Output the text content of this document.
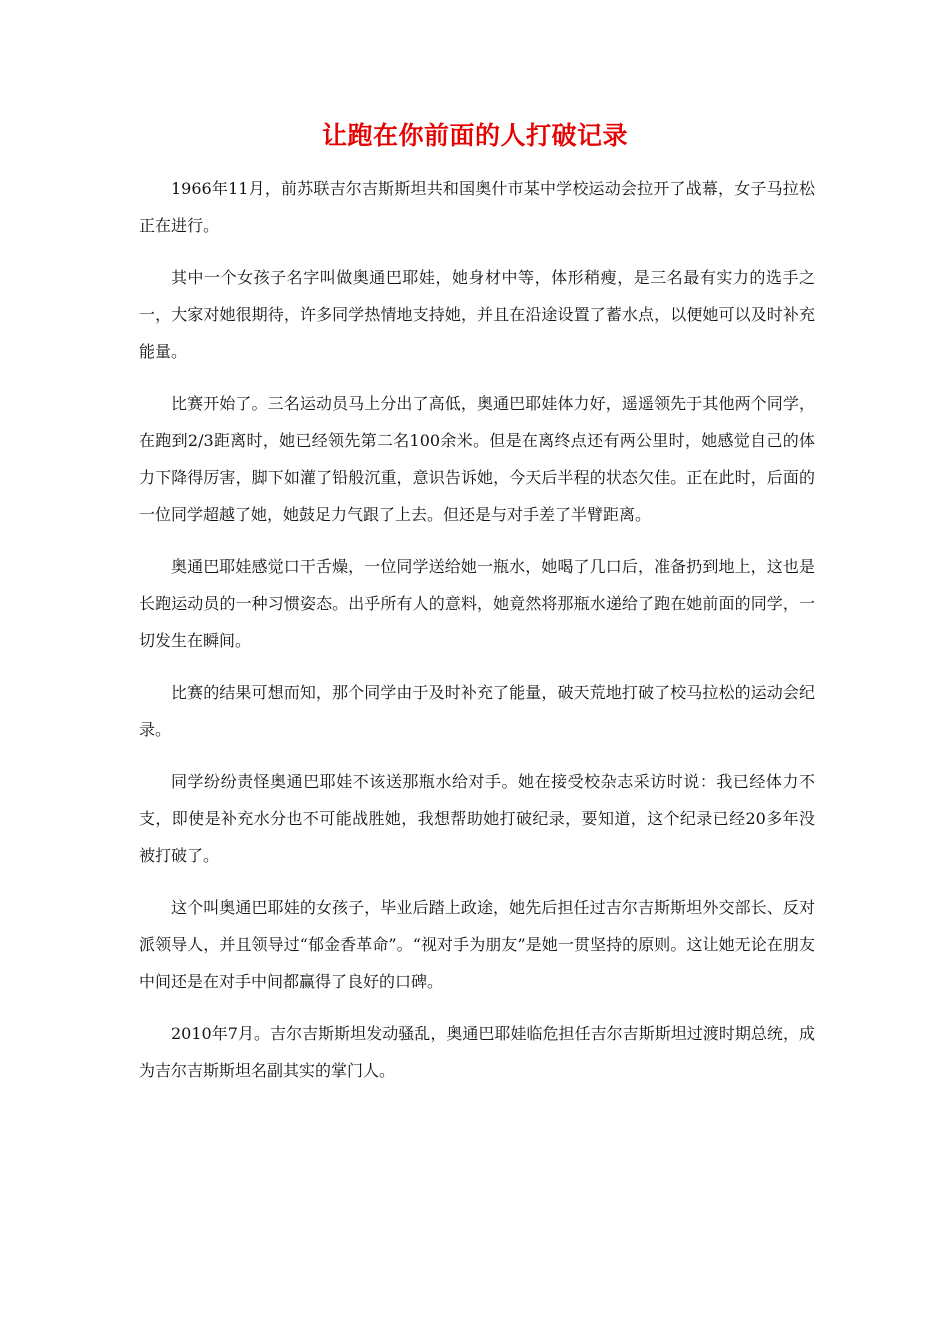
让跑在你前面的人打破记录

1966年11月，前苏联吉尔吉斯斯坦共和国奥什市某中学校运动会拉开了战幕，女子马拉松正在进行。

其中一个女孩子名字叫做奥通巴耶娃，她身材中等，体形稍瘦，是三名最有实力的选手之一，大家对她很期待，许多同学热情地支持她，并且在沿途设置了蓄水点，以便她可以及时补充能量。

比赛开始了。三名运动员马上分出了高低，奥通巴耶娃体力好，遥遥领先于其他两个同学，在跑到2/3距离时，她已经领先第二名100余米。但是在离终点还有两公里时，她感觉自己的体力下降得厉害，脚下如灌了铅般沉重，意识告诉她，今天后半程的状态欠佳。正在此时，后面的一位同学超越了她，她鼓足力气跟了上去。但还是与对手差了半臂距离。

奥通巴耶娃感觉口干舌燥，一位同学送给她一瓶水，她喝了几口后，准备扔到地上，这也是长跑运动员的一种习惯姿态。出乎所有人的意料，她竟然将那瓶水递给了跑在她前面的同学，一切发生在瞬间。

比赛的结果可想而知，那个同学由于及时补充了能量，破天荒地打破了校马拉松的运动会纪录。

同学纷纷责怪奥通巴耶娃不该送那瓶水给对手。她在接受校杂志采访时说：我已经体力不支，即使是补充水分也不可能战胜她，我想帮助她打破纪录，要知道，这个纪录已经20多年没被打破了。

这个叫奥通巴耶娃的女孩子，毕业后踏上政途，她先后担任过吉尔吉斯斯坦外交部长、反对派领导人，并且领导过“郁金香革命”。“视对手为朋友”是她一贯坚持的原则。这让她无论在朋友中间还是在对手中间都赢得了良好的口碑。

2010年7月。吉尔吉斯斯坦发动骚乱，奥通巴耶娃临危担任吉尔吉斯斯坦过渡时期总统，成为吉尔吉斯斯坦名副其实的掌门人。
